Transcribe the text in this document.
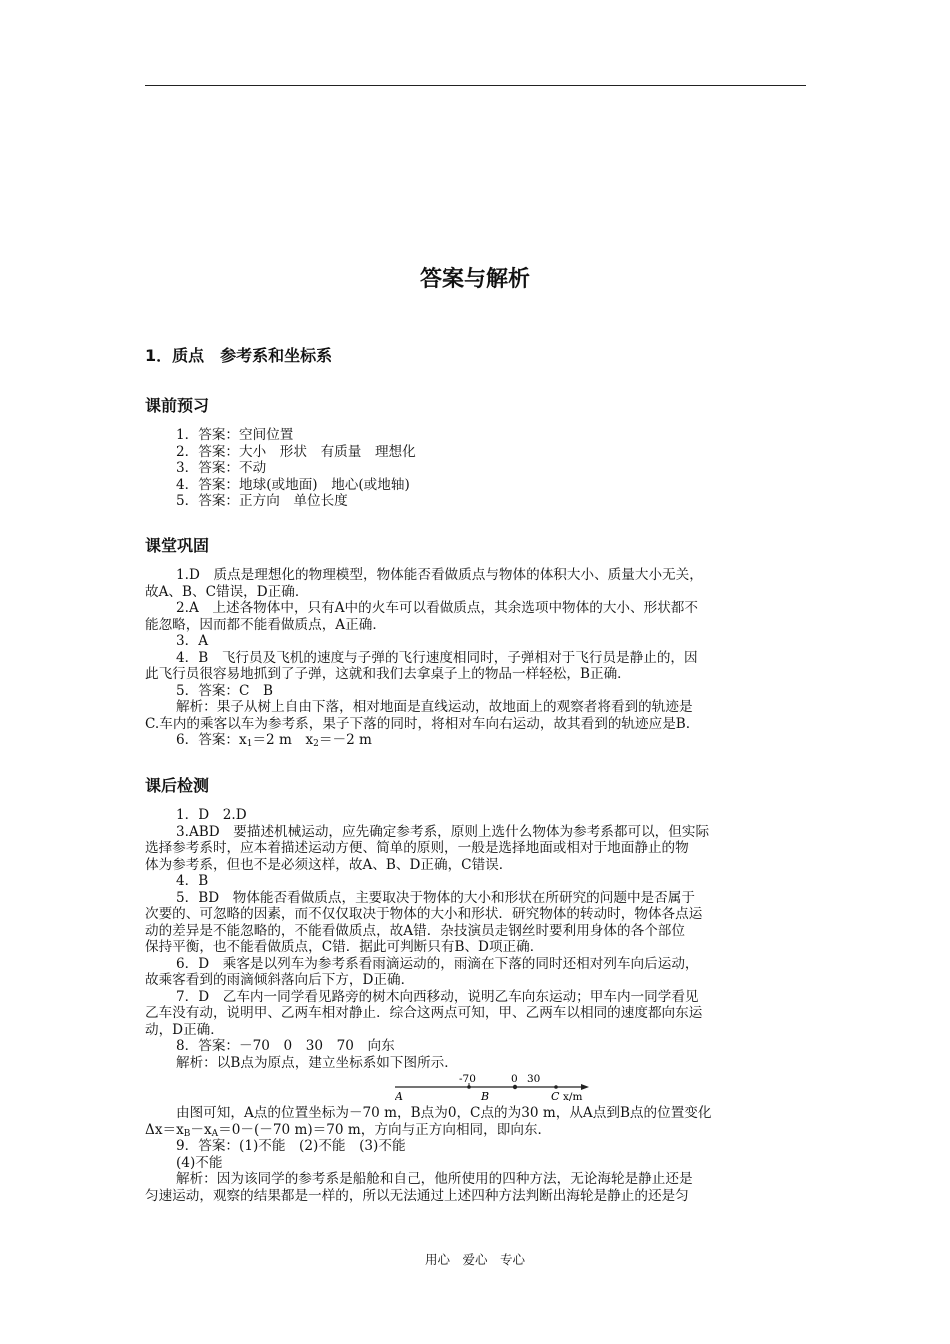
答案与解析
1．质点　参考系和坐标系
课前预习
1．答案：空间位置
2．答案：大小　形状　有质量　理想化
3．答案：不动
4．答案：地球(或地面)　地心(或地轴)
5．答案：正方向　单位长度
课堂巩固
1.D　质点是理想化的物理模型，物体能否看做质点与物体的体积大小、质量大小无关，
故A、B、C错误，D正确．
2.A　上述各物体中，只有A中的火车可以看做质点，其余选项中物体的大小、形状都不
能忽略，因而都不能看做质点，A正确．
3．A
4．B　飞行员及飞机的速度与子弹的飞行速度相同时，子弹相对于飞行员是静止的，因
此飞行员很容易地抓到了子弹，这就和我们去拿桌子上的物品一样轻松，B正确．
5．答案：C　B
解析：果子从树上自由下落，相对地面是直线运动，故地面上的观察者将看到的轨迹是
C.车内的乘客以车为参考系，果子下落的同时，将相对车向右运动，故其看到的轨迹应是B.
6．答案：$x_1=2$ m　$x_2=-2$ m
课后检测
1．D　2.D
3.ABD　要描述机械运动，应先确定参考系，原则上选什么物体为参考系都可以，但实际
选择参考系时，应本着描述运动方便、简单的原则，一般是选择地面或相对于地面静止的物
体为参考系，但也不是必须这样，故A、B、D正确，C错误．
4．B
5．BD　物体能否看做质点，主要取决于物体的大小和形状在所研究的问题中是否属于
次要的、可忽略的因素，而不仅仅取决于物体的大小和形状．研究物体的转动时，物体各点运
动的差异是不能忽略的，不能看做质点，故A错．杂技演员走钢丝时要利用身体的各个部位
保持平衡，也不能看做质点，C错．据此可判断只有B、D项正确．
6．D　乘客是以列车为参考系看雨滴运动的，雨滴在下落的同时还相对列车向后运动，
故乘客看到的雨滴倾斜落向后下方，D正确．
7．D　乙车内一同学看见路旁的树木向西移动，说明乙车向东运动；甲车内一同学看见
乙车没有动，说明甲、乙两车相对静止．综合这两点可知，甲、乙两车以相同的速度都向东运
动，D正确．
8．答案：－70　0　30　70　向东
解析：以B点为原点，建立坐标系如下图所示．
-70	0 30
A	B	C x/m
由图可知，A点的位置坐标为－70 m，B点为0，C点的为30 m，从A点到B点的位置变化
$\Delta x=x_B-x_A=0-(-70$ m)＝70 m，方向与正方向相同，即向东．
9．答案：(1)不能　(2)不能　(3)不能
(4)不能
解析：因为该同学的参考系是船舱和自己，他所使用的四种方法，无论海轮是静止还是
匀速运动，观察的结果都是一样的，所以无法通过上述四种方法判断出海轮是静止的还是匀
用心　爱心　专心
